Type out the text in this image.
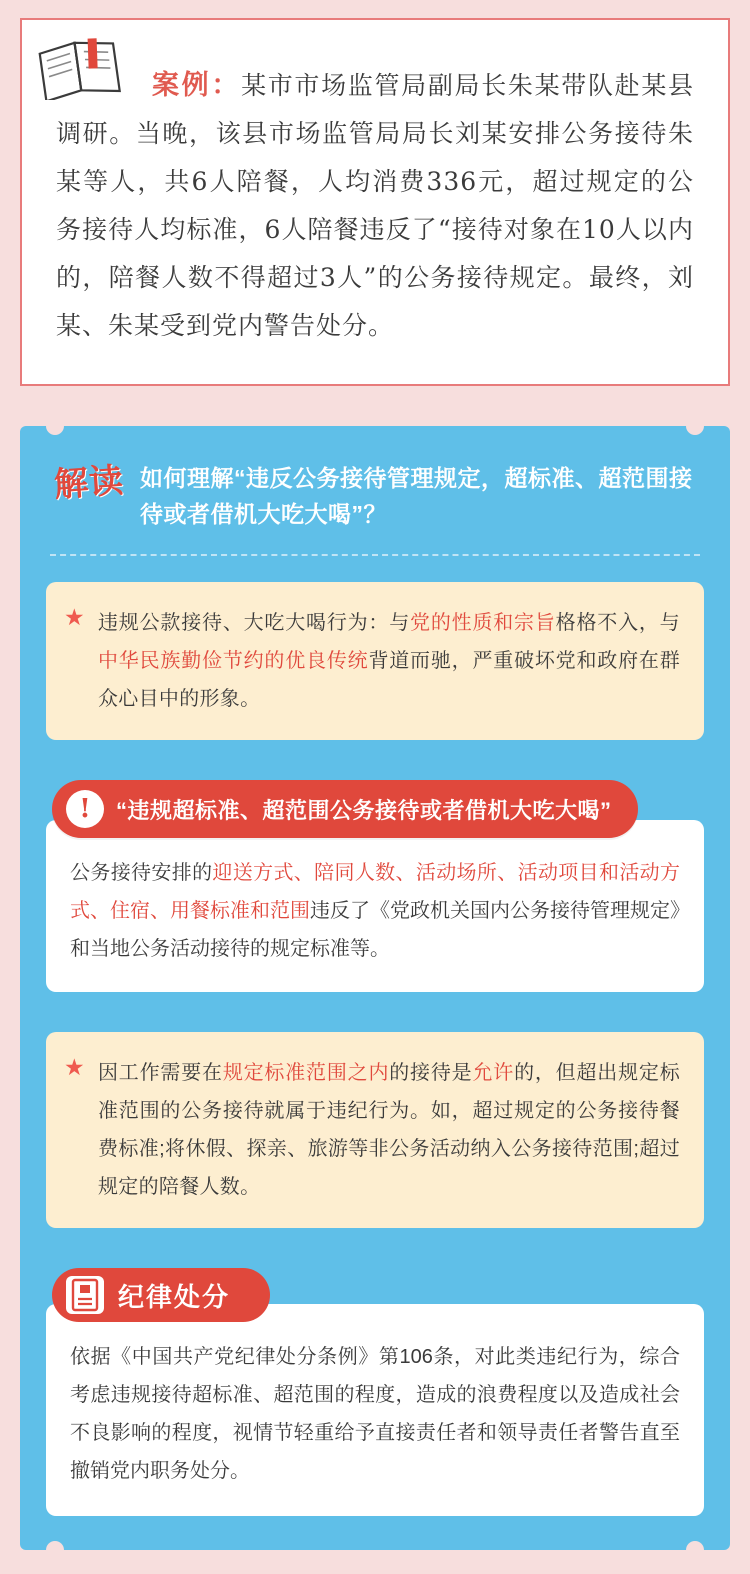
案例：某市市场监管局副局长朱某带队赴某县调研。当晚，该县市场监管局局长刘某安排公务接待朱某等人，共6人陪餐，人均消费336元，超过规定的公务接待人均标准，6人陪餐违反了“接待对象在10人以内的，陪餐人数不得超过3人”的公务接待规定。最终，刘某、朱某受到党内警告处分。
解读 如何理解“违反公务接待管理规定，超标准、超范围接待或者借机大吃大喝”？
★ 违规公款接待、大吃大喝行为：与党的性质和宗旨格格不入，与中华民族勤俭节约的优良传统背道而驰，严重破坏党和政府在群众心目中的形象。
!	“违规超标准、超范围公务接待或者借机大吃大喝”
公务接待安排的迎送方式、陪同人数、活动场所、活动项目和活动方式、住宿、用餐标准和范围违反了《党政机关国内公务接待管理规定》和当地公务活动接待的规定标准等。
★ 因工作需要在规定标准范围之内的接待是允许的，但超出规定标准范围的公务接待就属于违纪行为。如，超过规定的公务接待餐费标准;将休假、探亲、旅游等非公务活动纳入公务接待范围;超过规定的陪餐人数。
纪律处分
依据《中国共产党纪律处分条例》第106条，对此类违纪行为，综合考虑违规接待超标准、超范围的程度，造成的浪费程度以及造成社会不良影响的程度，视情节轻重给予直接责任者和领导责任者警告直至撤销党内职务处分。
